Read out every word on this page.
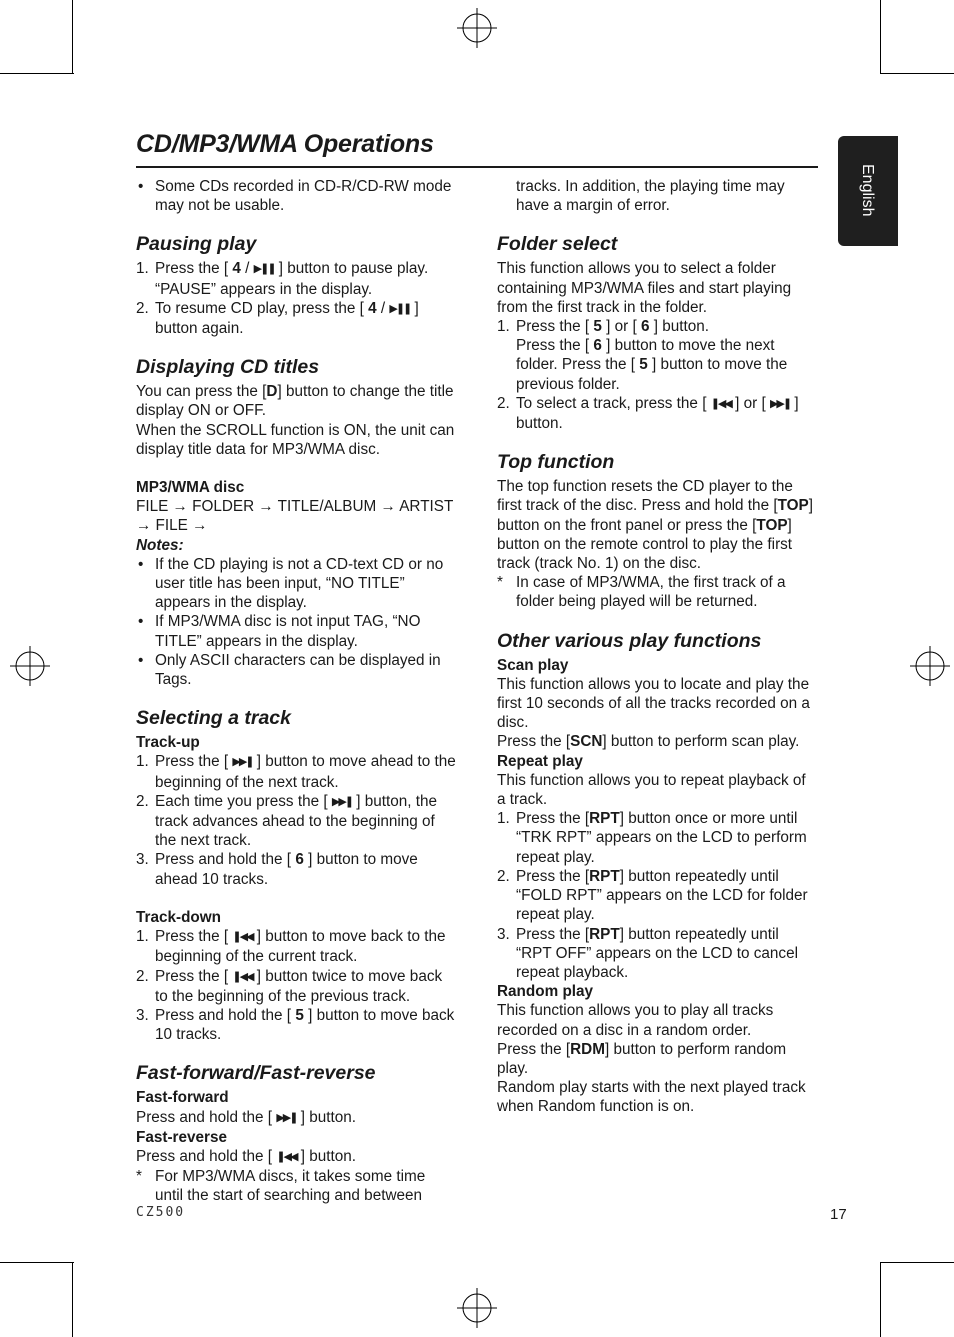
CD/MP3/WMA Operations
English
• Some CDs recorded in CD-R/CD-RW mode may not be usable.
Pausing play
1. Press the [ 4 / ▶❚❚ ] button to pause play. “PAUSE” appears in the display.
2. To resume CD play, press the [ 4 / ▶❚❚ ] button again.
Displaying CD titles

You can press the [D] button to change the title display ON or OFF.

When the SCROLL function is ON, the unit can display title data for MP3/WMA disc.

MP3/WMA disc

FILE → FOLDER → TITLE/ALBUM → ARTIST → FILE →

Notes:
• If the CD playing is not a CD-text CD or no user title has been input, “NO TITLE” appears in the display.
• If MP3/WMA disc is not input TAG, “NO TITLE” appears in the display.
• Only ASCII characters can be displayed in Tags.
Selecting a track
Track-up
1. Press the [ ▶▶❚ ] button to move ahead to the beginning of the next track.
2. Each time you press the [ ▶▶❚ ] button, the track advances ahead to the beginning of the next track.
3. Press and hold the [ 6 ] button to move ahead 10 tracks.
Track-down
1. Press the [ ❚◀◀ ] button to move back to the beginning of the current track.
2. Press the [ ❚◀◀ ] button twice to move back to the beginning of the previous track.
3. Press and hold the [ 5 ] button to move back 10 tracks.
Fast-forward/Fast-reverse
Fast-forward

Press and hold the [ ▶▶❚ ] button.

Fast-reverse

Press and hold the [ ❚◀◀ ] button.

* For MP3/WMA discs, it takes some time until the start of searching and between
tracks. In addition, the playing time may have a margin of error.
Folder select

This function allows you to select a folder containing MP3/WMA files and start playing from the first track in the folder.

1. Press the [ 5 ] or [ 6 ] button.
Press the [ 6 ] button to move the next folder. Press the [ 5 ] button to move the previous folder.
2. To select a track, press the [ ❚◀◀ ] or [ ▶▶❚ ] button.
Top function

The top function resets the CD player to the first track of the disc. Press and hold the [TOP] button on the front panel or press the [TOP] button on the remote control to play the first track (track No. 1) on the disc.

* In case of MP3/WMA, the first track of a folder being played will be returned.
Other various play functions
Scan play

This function allows you to locate and play the first 10 seconds of all the tracks recorded on a disc.

Press the [SCN] button to perform scan play.

Repeat play

This function allows you to repeat playback of a track.

1. Press the [RPT] button once or more until “TRK RPT” appears on the LCD to perform repeat play.
2. Press the [RPT] button repeatedly until “FOLD RPT” appears on the LCD for folder repeat play.
3. Press the [RPT] button repeatedly until “RPT OFF” appears on the LCD to cancel repeat playback.
Random play

This function allows you to play all tracks recorded on a disc in a random order.

Press the [RDM] button to perform random play.

Random play starts with the next played track when Random function is on.

CZ500	17
